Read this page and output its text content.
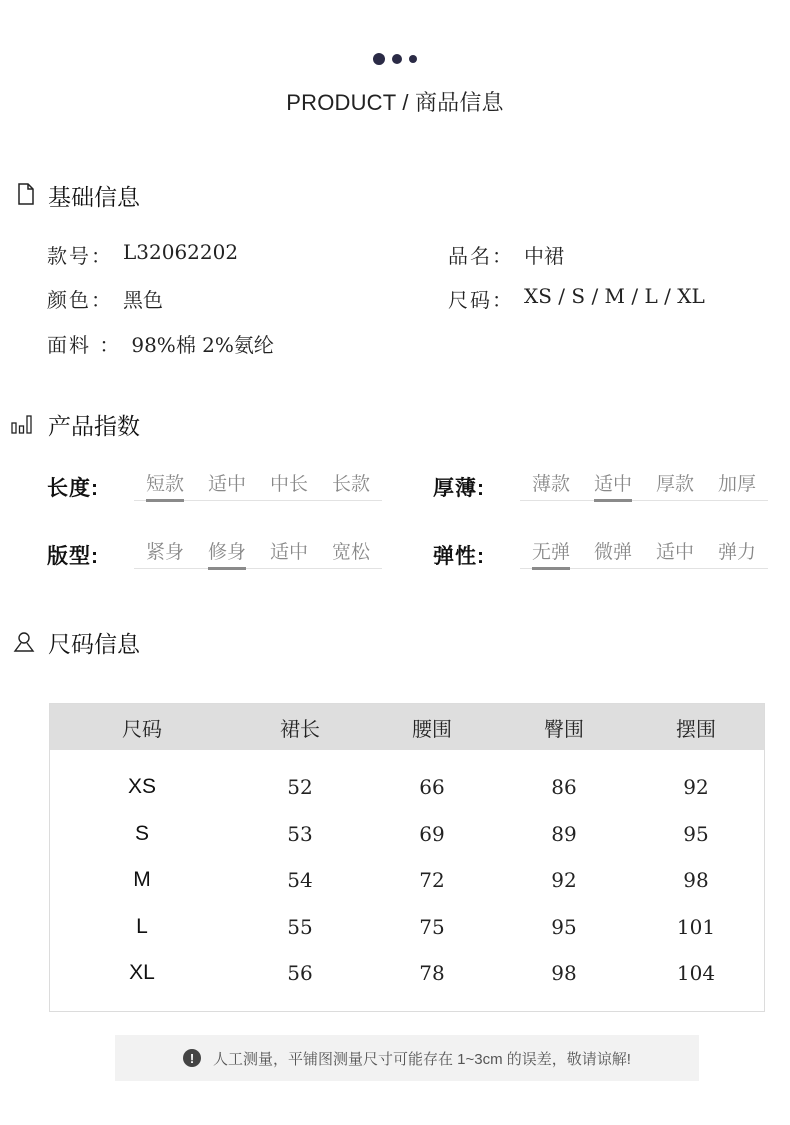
PRODUCT / 商品信息
基础信息
款号： L32062202	品名： 中裙
颜色： 黑色	尺码： XS / S / M / L / XL
面料 ： 98%棉 2%氨纶
产品指数
长度:	短款	适中	中长	长款	厚薄:	薄款	适中	厚款	加厚
版型:	紧身	修身	适中	宽松	弹性:	无弹	微弹	适中	弹力
尺码信息
尺码	裙长	腰围	臀围	摆围
XS	52	66	86	92
S	53	69	89	95
M	54	72	92	98
L	55	75	95	101
XL	56	78	98	104
!	人工测量，平铺图测量尺寸可能存在 1~3cm 的误差，敬请谅解!
